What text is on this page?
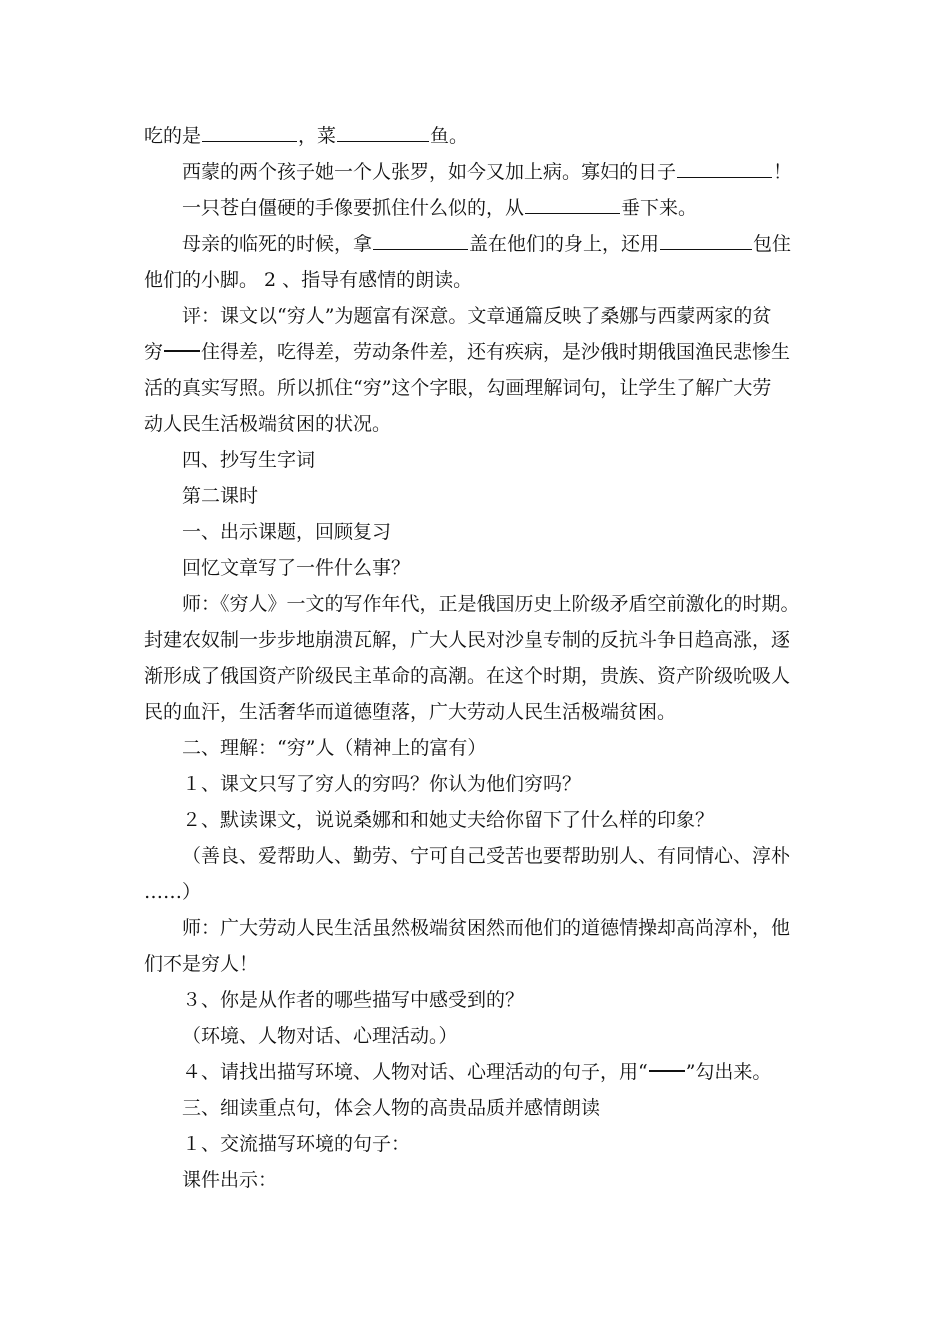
吃的是	，菜	鱼。

西蒙的两个孩子她一个人张罗，如今又加上病。寡妇的日子	！

一只苍白僵硬的手像要抓住什么似的，从	垂下来。

母亲的临死的时候，拿	盖在他们的身上，还用	包住

他们的小脚。 2 、指导有感情的朗读。

评：课文以“穷人”为题富有深意。文章通篇反映了桑娜与西蒙两家的贫

穷 住得差，吃得差，劳动条件差，还有疾病，是沙俄时期俄国渔民悲惨生

活的真实写照。所以抓住“穷”这个字眼，勾画理解词句，让学生了解广大劳

动人民生活极端贫困的状况。

四、抄写生字词

第二课时

一、出示课题，回顾复习

回忆文章写了一件什么事？

师：《穷人》一文的写作年代，正是俄国历史上阶级矛盾空前激化的时期。

封建农奴制一步步地崩溃瓦解，广大人民对沙皇专制的反抗斗争日趋高涨，逐

渐形成了俄国资产阶级民主革命的高潮。在这个时期，贵族、资产阶级吮吸人

民的血汗，生活奢华而道德堕落，广大劳动人民生活极端贫困。

二、理解：“穷”人（精神上的富有）

１、课文只写了穷人的穷吗？你认为他们穷吗？

２、默读课文，说说桑娜和和她丈夫给你留下了什么样的印象？

（善良、爱帮助人、勤劳、宁可自己受苦也要帮助别人、有同情心、淳朴

……）

师：广大劳动人民生活虽然极端贫困然而他们的道德情操却高尚淳朴，他

们不是穷人！

３、你是从作者的哪些描写中感受到的？

（环境、人物对话、心理活动。）

４、请找出描写环境、人物对话、心理活动的句子，用“ ”勾出来。

三、细读重点句，体会人物的高贵品质并感情朗读

１、交流描写环境的句子：

课件出示：
